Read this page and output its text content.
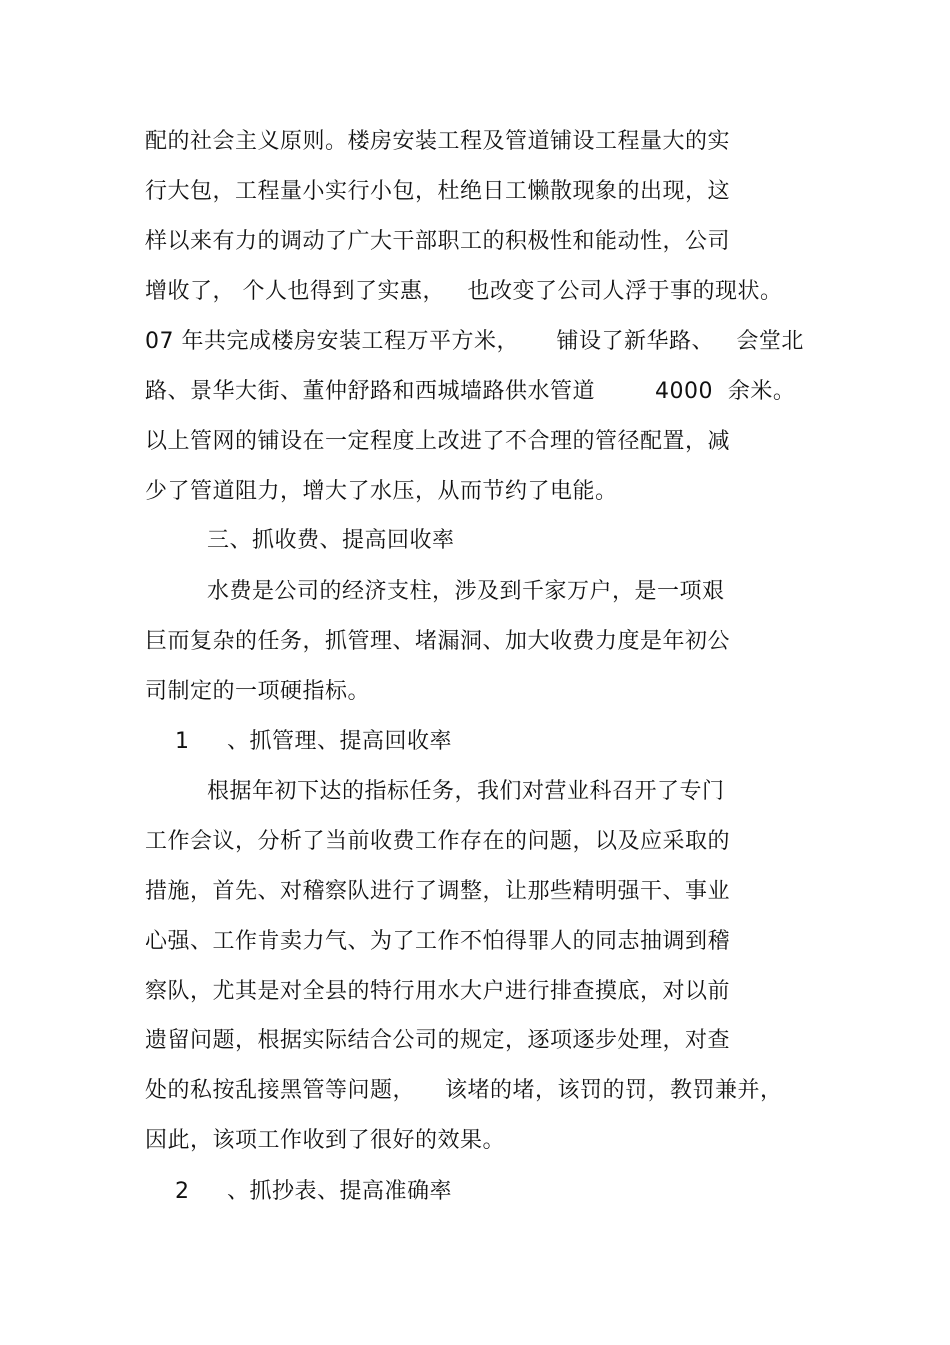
配的社会主义原则。楼房安装工程及管道铺设工程量大的实
行大包，工程量小实行小包，杜绝日工懒散现象的出现，这
样以来有力的调动了广大干部职工的积极性和能动性，公司
增收了， 个人也得到了实惠，   也改变了公司人浮于事的现状。
07 年共完成楼房安装工程万平方米，     铺设了新华路、   会堂北
路、景华大街、董仲舒路和西城墙路供水管道        4000  余米。
以上管网的铺设在一定程度上改进了不合理的管径配置，减
少了管道阻力，增大了水压，从而节约了电能。
三、抓收费、提高回收率
水费是公司的经济支柱，涉及到千家万户，是一项艰
巨而复杂的任务，抓管理、堵漏洞、加大收费力度是年初公
司制定的一项硬指标。
1     、抓管理、提高回收率
根据年初下达的指标任务，我们对营业科召开了专门
工作会议，分析了当前收费工作存在的问题，以及应采取的
措施，首先、对稽察队进行了调整，让那些精明强干、事业
心强、工作肯卖力气、为了工作不怕得罪人的同志抽调到稽
察队，尤其是对全县的特行用水大户进行排查摸底，对以前
遗留问题，根据实际结合公司的规定，逐项逐步处理，对查
处的私按乱接黑管等问题，    该堵的堵，该罚的罚，教罚兼并，
因此，该项工作收到了很好的效果。
2     、抓抄表、提高准确率
